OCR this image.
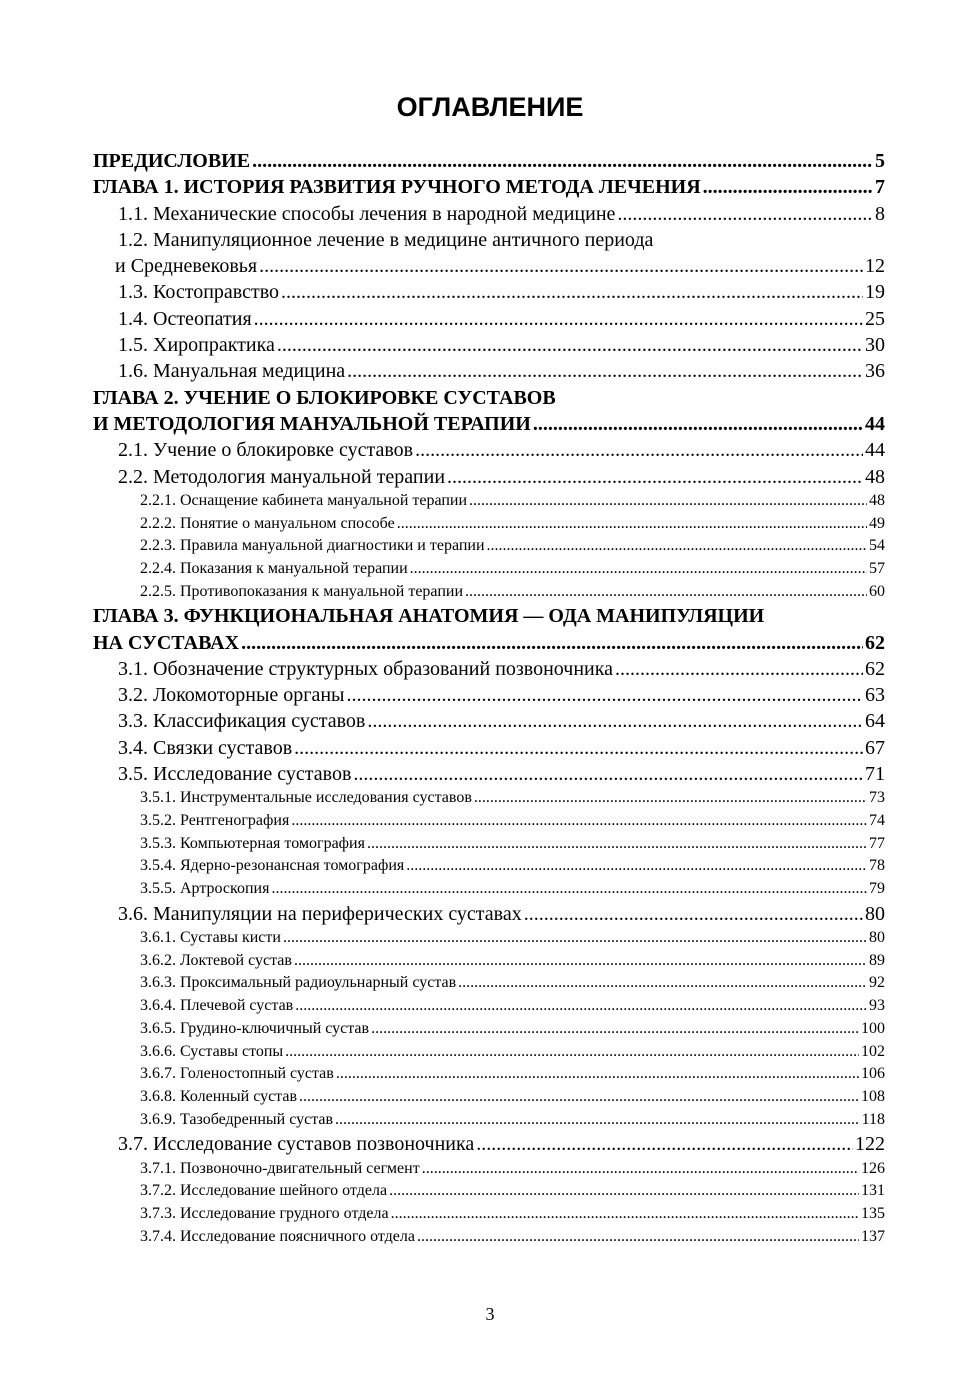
ОГЛАВЛЕНИЕ
ПРЕДИСЛОВИЕ .....	5
ГЛАВА 1. ИСТОРИЯ РАЗВИТИЯ РУЧНОГО МЕТОДА ЛЕЧЕНИЯ .....	7
1.1. Механические способы лечения в народной медицине .....	8
1.2. Манипуляционное лечение в медицине античного периода
и Средневековья .....	12
1.3. Костоправство .....	19
1.4. Остеопатия .....	25
1.5. Хиропрактика .....	30
1.6. Мануальная медицина .....	36
ГЛАВА 2. УЧЕНИЕ О БЛОКИРОВКЕ СУСТАВОВ
И МЕТОДОЛОГИЯ МАНУАЛЬНОЙ ТЕРАПИИ .....	44
2.1. Учение о блокировке суставов .....	44
2.2. Методология мануальной терапии .....	48
2.2.1. Оснащение кабинета мануальной терапии .....	48
2.2.2. Понятие о мануальном способе .....	49
2.2.3. Правила мануальной диагностики и терапии .....	54
2.2.4. Показания к мануальной терапии .....	57
2.2.5. Противопоказания к мануальной терапии .....	60
ГЛАВА 3. ФУНКЦИОНАЛЬНАЯ АНАТОМИЯ — ОДА МАНИПУЛЯЦИИ
НА СУСТАВАХ .....	62
3.1. Обозначение структурных образований позвоночника .....	62
3.2. Локомоторные органы .....	63
3.3. Классификация суставов .....	64
3.4. Связки суставов .....	67
3.5. Исследование суставов .....	71
3.5.1. Инструментальные исследования суставов .....	73
3.5.2. Рентгенография .....	74
3.5.3. Компьютерная томография .....	77
3.5.4. Ядерно-резонансная томография .....	78
3.5.5. Артроскопия .....	79
3.6. Манипуляции на периферических суставах .....	80
3.6.1. Суставы кисти .....	80
3.6.2. Локтевой сустав .....	89
3.6.3. Проксимальный радиоульнарный сустав .....	92
3.6.4. Плечевой сустав .....	93
3.6.5. Грудино-ключичный сустав .....	100
3.6.6. Суставы стопы .....	102
3.6.7. Голеностопный сустав .....	106
3.6.8. Коленный сустав .....	108
3.6.9. Тазобедренный сустав .....	118
3.7. Исследование суставов позвоночника .....	122
3.7.1. Позвоночно-двигательный сегмент .....	126
3.7.2. Исследование шейного отдела .....	131
3.7.3. Исследование грудного отдела .....	135
3.7.4. Исследование поясничного отдела .....	137
3
